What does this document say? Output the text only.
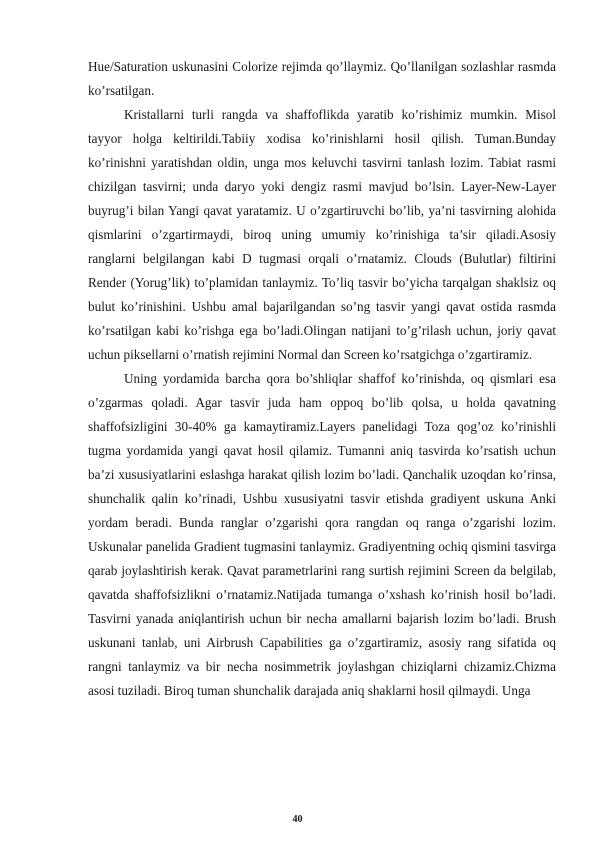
Hue/Saturation uskunasini Colorize rejimda qo’llaymiz. Qo’llanilgan sozlashlar rasmda ko’rsatilgan.

Kristallarni turli rangda va shaffoflikda yaratib ko’rishimiz mumkin. Misol tayyor holga keltirildi.Tabiiy xodisa ko’rinishlarni hosil qilish. Tuman.Bunday ko’rinishni yaratishdan oldin, unga mos keluvchi tasvirni tanlash lozim. Tabiat rasmi chizilgan tasvirni; unda daryo yoki dengiz rasmi mavjud bo’lsin. Layer-New-Layer buyrug’i bilan Yangi qavat yaratamiz. U o’zgartiruvchi bo’lib, ya’ni tasvirning alohida qismlarini o’zgartirmaydi, biroq uning umumiy ko’rinishiga ta’sir qiladi.Asosiy ranglarni belgilangan kabi D tugmasi orqali o’rnatamiz. Clouds (Bulutlar) filtirini Render (Yorug’lik) to’plamidan tanlaymiz. To’liq tasvir bo’yicha tarqalgan shaklsiz oq bulut ko’rinishini. Ushbu amal bajarilgandan so’ng tasvir yangi qavat ostida rasmda ko’rsatilgan kabi ko’rishga ega bo’ladi.Olingan natijani to’g’rilash uchun, joriy qavat uchun piksellarni o’rnatish rejimini Normal dan Screen ko’rsatgichga o’zgartiramiz.

Uning yordamida barcha qora bo’shliqlar shaffof ko’rinishda, oq qismlari esa o’zgarmas qoladi. Agar tasvir juda ham oppoq bo’lib qolsa, u holda qavatning shaffofsizligini 30-40% ga kamaytiramiz.Layers panelidagi Toza qog’oz ko’rinishli tugma yordamida yangi qavat hosil qilamiz. Tumanni aniq tasvirda ko’rsatish uchun ba’zi xususiyatlarini eslashga harakat qilish lozim bo’ladi. Qanchalik uzoqdan ko’rinsa, shunchalik qalin ko’rinadi, Ushbu xususiyatni tasvir etishda gradiyent uskuna Anki yordam beradi. Bunda ranglar o’zgarishi qora rangdan oq ranga o’zgarishi lozim. Uskunalar panelida Gradient tugmasini tanlaymiz. Gradiyentning ochiq qismini tasvirga qarab joylashtirish kerak. Qavat parametrlarini rang surtish rejimini Screen da belgilab, qavatda shaffofsizlikni o’rnatamiz.Natijada tumanga o’xshash ko’rinish hosil bo’ladi. Tasvirni yanada aniqlantirish uchun bir necha amallarni bajarish lozim bo’ladi. Brush uskunani tanlab, uni Airbrush Capabilities ga o’zgartiramiz, asosiy rang sifatida oq rangni tanlaymiz va bir necha nosimmetrik joylashgan chiziqlarni chizamiz.Chizma asosi tuziladi. Biroq tuman shunchalik darajada aniq shaklarni hosil qilmaydi. Unga

40
